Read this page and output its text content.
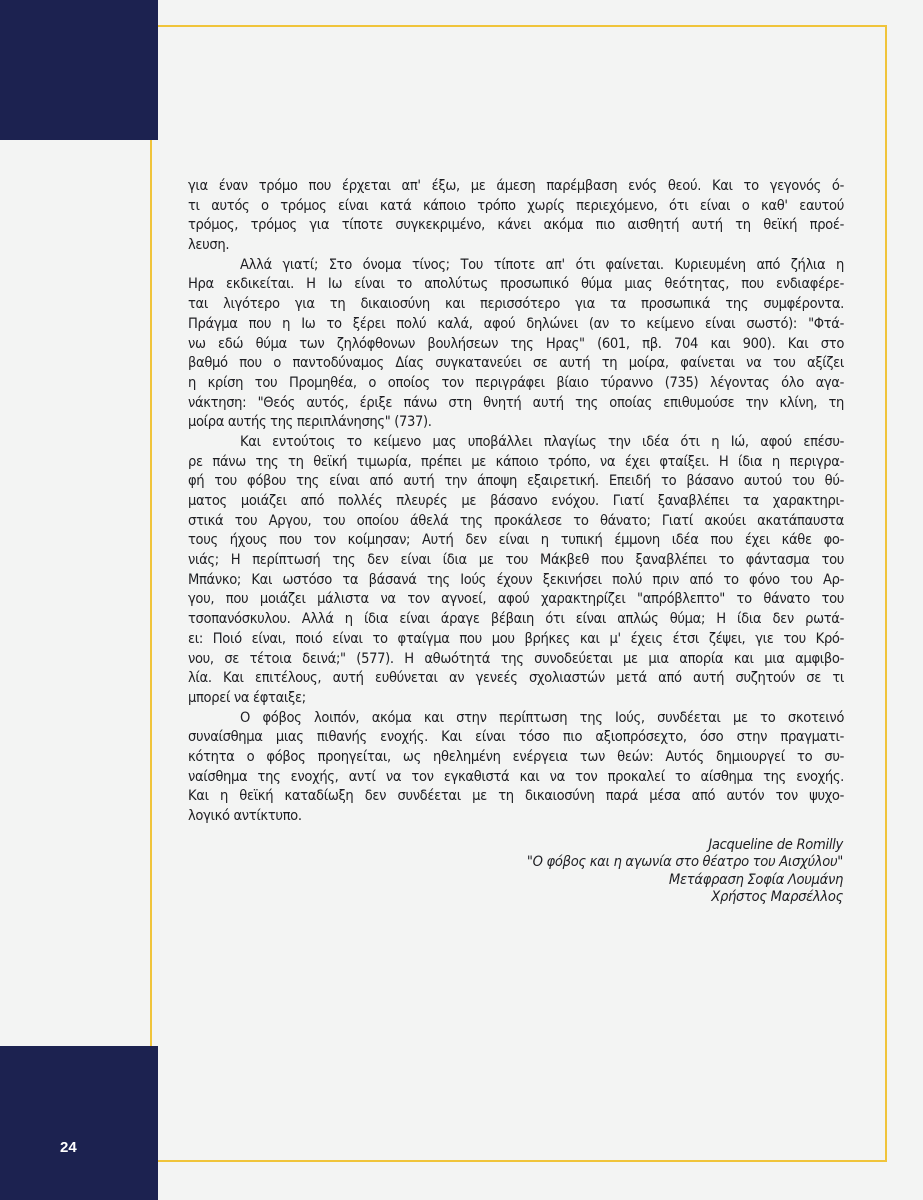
24
για έναν τρόμο που έρχεται απ' έξω, με άμεση παρέμβαση ενός θεού. Και το γεγονός ό-
τι αυτός ο τρόμος είναι κατά κάποιο τρόπο χωρίς περιεχόμενο, ότι είναι ο καθ' εαυτού
τρόμος, τρόμος για τίποτε συγκεκριμένο, κάνει ακόμα πιο αισθητή αυτή τη θεϊκή προέ-
λευση.
Αλλά γιατί; Στο όνομα τίνος; Του τίποτε απ' ότι φαίνεται. Κυριευμένη από ζήλια η
Ηρα εκδικείται. Η Ιω είναι το απολύτως προσωπικό θύμα μιας θεότητας, που ενδιαφέρε-
ται λιγότερο για τη δικαιοσύνη και περισσότερο για τα προσωπικά της συμφέροντα.
Πράγμα που η Ιω το ξέρει πολύ καλά, αφού δηλώνει (αν το κείμενο είναι σωστό): "Φτά-
νω εδώ θύμα των ζηλόφθονων βουλήσεων της Ηρας" (601, πβ. 704 και 900). Και στο
βαθμό που ο παντοδύναμος Δίας συγκατανεύει σε αυτή τη μοίρα, φαίνεται να του αξίζει
η κρίση του Προμηθέα, ο οποίος τον περιγράφει βίαιο τύραννο (735) λέγοντας όλο αγα-
νάκτηση: "Θεός αυτός, έριξε πάνω στη θνητή αυτή της οποίας επιθυμούσε την κλίνη, τη
μοίρα αυτής της περιπλάνησης" (737).
Και εντούτοις το κείμενο μας υποβάλλει πλαγίως την ιδέα ότι η Ιώ, αφού επέσυ-
ρε πάνω της τη θεϊκή τιμωρία, πρέπει με κάποιο τρόπο, να έχει φταίξει. Η ίδια η περιγρα-
φή του φόβου της είναι από αυτή την άποψη εξαιρετική. Επειδή το βάσανο αυτού του θύ-
ματος μοιάζει από πολλές πλευρές με βάσανο ενόχου. Γιατί ξαναβλέπει τα χαρακτηρι-
στικά του Αργου, του οποίου άθελά της προκάλεσε το θάνατο; Γιατί ακούει ακατάπαυστα
τους ήχους που τον κοίμησαν; Αυτή δεν είναι η τυπική έμμονη ιδέα που έχει κάθε φο-
νιάς; Η περίπτωσή της δεν είναι ίδια με του Μάκβεθ που ξαναβλέπει το φάντασμα του
Μπάνκο; Και ωστόσο τα βάσανά της Ιούς έχουν ξεκινήσει πολύ πριν από το φόνο του Αρ-
γου, που μοιάζει μάλιστα να τον αγνοεί, αφού χαρακτηρίζει "απρόβλεπτο" το θάνατο του
τσοπανόσκυλου. Αλλά η ίδια είναι άραγε βέβαιη ότι είναι απλώς θύμα; Η ίδια δεν ρωτά-
ει: Ποιό είναι, ποιό είναι το φταίγμα που μου βρήκες και μ' έχεις έτσι ζέψει, γιε του Κρό-
νου, σε τέτοια δεινά;" (577). Η αθωότητά της συνοδεύεται με μια απορία και μια αμφιβο-
λία. Και επιτέλους, αυτή ευθύνεται αν γενεές σχολιαστών μετά από αυτή συζητούν σε τι
μπορεί να έφταιξε;
Ο φόβος λοιπόν, ακόμα και στην περίπτωση της Ιούς, συνδέεται με το σκοτεινό
συναίσθημα μιας πιθανής ενοχής. Και είναι τόσο πιο αξιοπρόσεχτο, όσο στην πραγματι-
κότητα ο φόβος προηγείται, ως ηθελημένη ενέργεια των θεών: Αυτός δημιουργεί το συ-
ναίσθημα της ενοχής, αντί να τον εγκαθιστά και να τον προκαλεί το αίσθημα της ενοχής.
Και η θεϊκή καταδίωξη δεν συνδέεται με τη δικαιοσύνη παρά μέσα από αυτόν τον ψυχο-
λογικό αντίκτυπο.
Jacqueline de Romilly
"Ο φόβος και η αγωνία στο θέατρο του Αισχύλου"
Μετάφραση Σοφία Λουμάνη
Χρήστος Μαρσέλλος
